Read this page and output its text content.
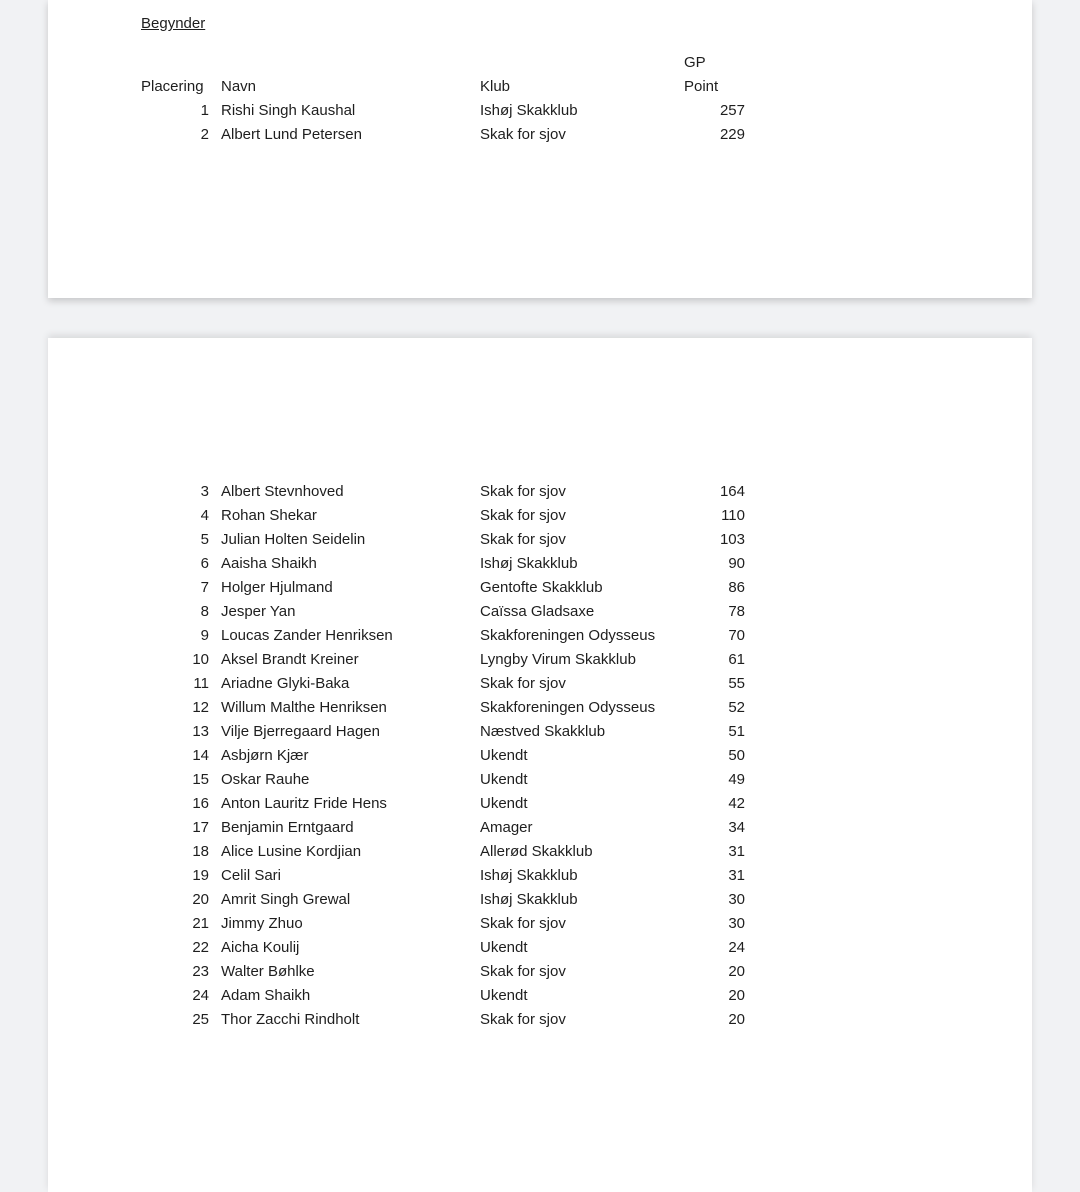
Begynder
GP
Placering	Navn	Klub	Point
1 Rishi Singh Kaushal	Ishøj Skakklub	257
2 Albert Lund Petersen	Skak for sjov	229
3 Albert Stevnhoved	Skak for sjov	164
4 Rohan Shekar	Skak for sjov	110
5 Julian Holten Seidelin	Skak for sjov	103
6 Aaisha Shaikh	Ishøj Skakklub	90
7 Holger Hjulmand	Gentofte Skakklub	86
8 Jesper Yan	Caïssa Gladsaxe	78
9 Loucas Zander Henriksen	Skakforeningen Odysseus	70
10 Aksel Brandt Kreiner	Lyngby Virum Skakklub	61
11 Ariadne Glyki-Baka	Skak for sjov	55
12 Willum Malthe Henriksen	Skakforeningen Odysseus	52
13 Vilje Bjerregaard Hagen	Næstved Skakklub	51
14 Asbjørn Kjær	Ukendt	50
15 Oskar Rauhe	Ukendt	49
16 Anton Lauritz Fride Hens	Ukendt	42
17 Benjamin Erntgaard	Amager	34
18 Alice Lusine Kordjian	Allerød Skakklub	31
19 Celil Sari	Ishøj Skakklub	31
20 Amrit Singh Grewal	Ishøj Skakklub	30
21 Jimmy Zhuo	Skak for sjov	30
22 Aicha Koulij	Ukendt	24
23 Walter Bøhlke	Skak for sjov	20
24 Adam Shaikh	Ukendt	20
25 Thor Zacchi Rindholt	Skak for sjov	20
